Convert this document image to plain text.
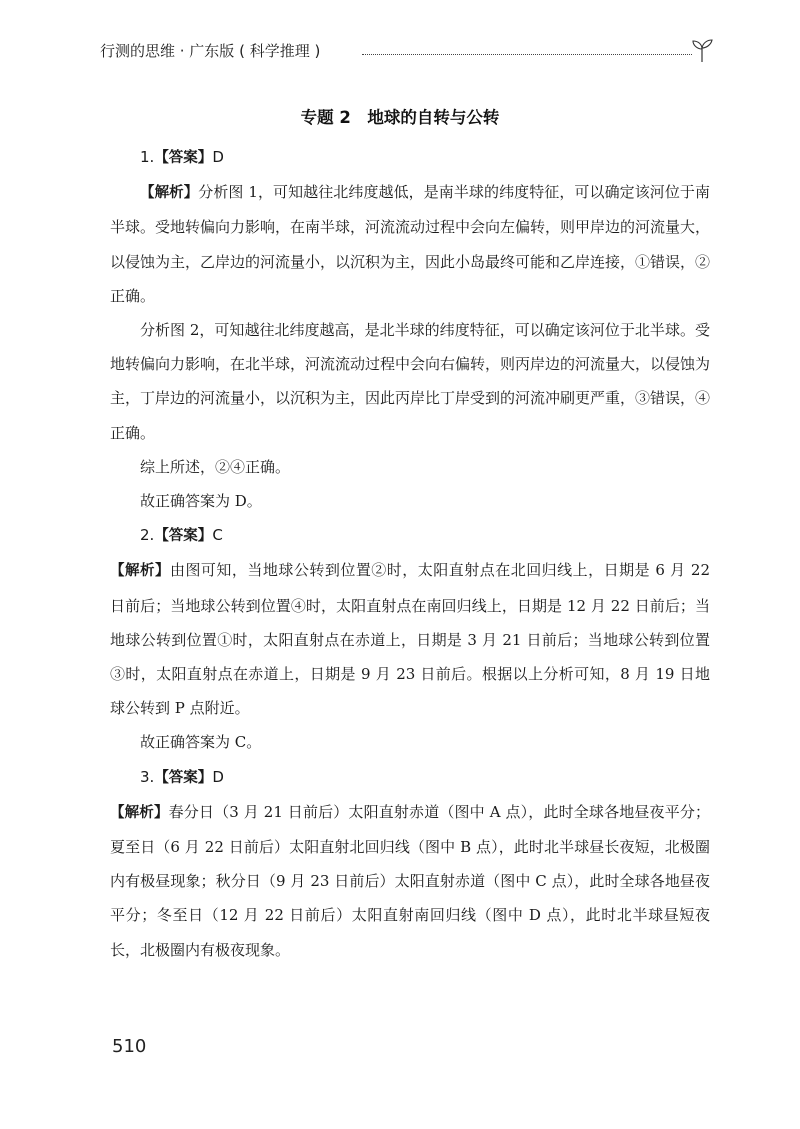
行测的思维 · 广东版 ( 科学推理 )
专题 2　地球的自转与公转

1.【答案】D

【解析】分析图 1，可知越往北纬度越低，是南半球的纬度特征，可以确定该河位于南半球。受地转偏向力影响，在南半球，河流流动过程中会向左偏转，则甲岸边的河流量大，以侵蚀为主，乙岸边的河流量小，以沉积为主，因此小岛最终可能和乙岸连接，①错误，②正确。

分析图 2，可知越往北纬度越高，是北半球的纬度特征，可以确定该河位于北半球。受地转偏向力影响，在北半球，河流流动过程中会向右偏转，则丙岸边的河流量大，以侵蚀为主，丁岸边的河流量小，以沉积为主，因此丙岸比丁岸受到的河流冲刷更严重，③错误，④正确。

综上所述，②④正确。

故正确答案为 D。

2.【答案】C

【解析】由图可知，当地球公转到位置②时，太阳直射点在北回归线上，日期是 6 月 22 日前后；当地球公转到位置④时，太阳直射点在南回归线上，日期是 12 月 22 日前后；当地球公转到位置①时，太阳直射点在赤道上，日期是 3 月 21 日前后；当地球公转到位置③时，太阳直射点在赤道上，日期是 9 月 23 日前后。根据以上分析可知，8 月 19 日地球公转到 P 点附近。

故正确答案为 C。

3.【答案】D

【解析】春分日（3 月 21 日前后）太阳直射赤道（图中 A 点），此时全球各地昼夜平分；夏至日（6 月 22 日前后）太阳直射北回归线（图中 B 点），此时北半球昼长夜短，北极圈内有极昼现象；秋分日（9 月 23 日前后）太阳直射赤道（图中 C 点），此时全球各地昼夜平分；冬至日（12 月 22 日前后）太阳直射南回归线（图中 D 点），此时北半球昼短夜长，北极圈内有极夜现象。

510
